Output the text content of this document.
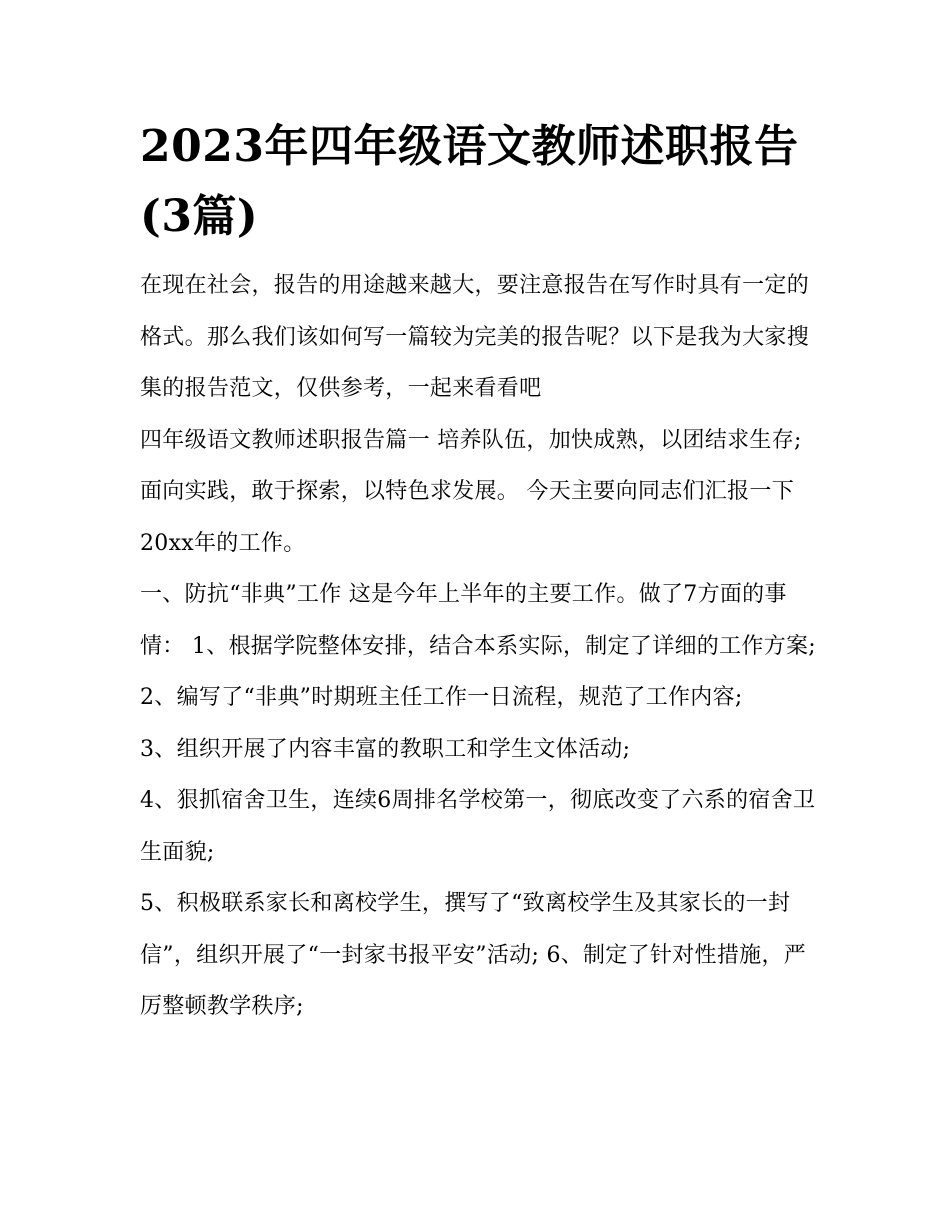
2023年四年级语文教师述职报告(3篇)

在现在社会，报告的用途越来越大，要注意报告在写作时具有一定的格式。那么我们该如何写一篇较为完美的报告呢？以下是我为大家搜集的报告范文，仅供参考，一起来看看吧

四年级语文教师述职报告篇一 培养队伍，加快成熟，以团结求生存; 面向实践，敢于探索，以特色求发展。 今天主要向同志们汇报一下20xx年的工作。

一、防抗“非典”工作 这是今年上半年的主要工作。做了7方面的事情： 1、根据学院整体安排，结合本系实际，制定了详细的工作方案;

2、编写了“非典”时期班主任工作一日流程，规范了工作内容;

3、组织开展了内容丰富的教职工和学生文体活动;

4、狠抓宿舍卫生，连续6周排名学校第一，彻底改变了六系的宿舍卫生面貌;

5、积极联系家长和离校学生，撰写了“致离校学生及其家长的一封信”，组织开展了“一封家书报平安”活动; 6、制定了针对性措施，严厉整顿教学秩序;
